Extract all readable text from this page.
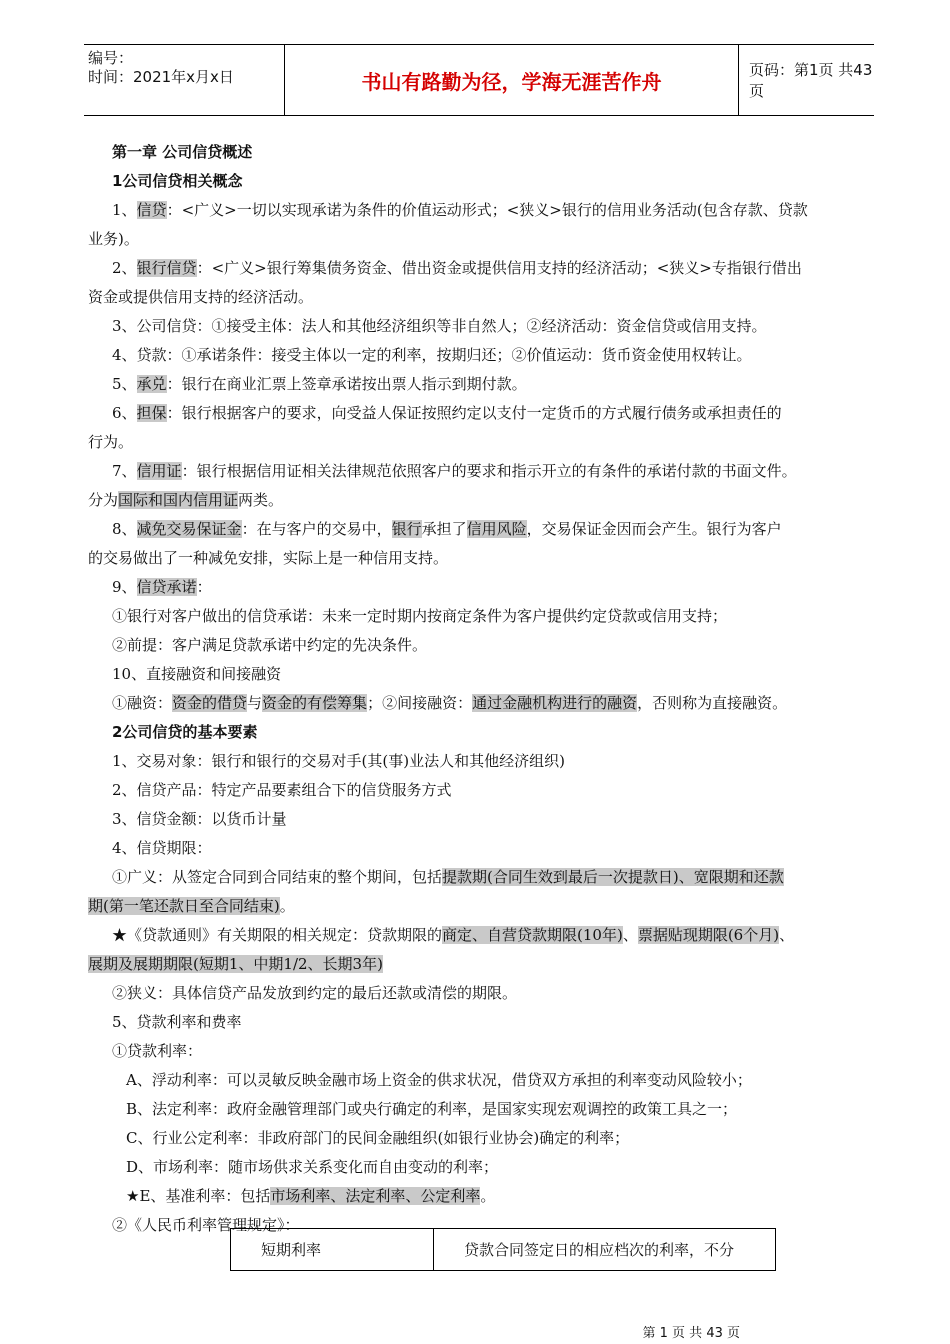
编号：
时间：2021年x月x日	书山有路勤为径，学海无涯苦作舟	页码：第1页 共43页
第一章 公司信贷概述
1公司信贷相关概念
1、信贷：<广义>一切以实现承诺为条件的价值运动形式；<狭义>银行的信用业务活动(包含存款、贷款
业务)。
2、银行信贷：<广义>银行筹集债务资金、借出资金或提供信用支持的经济活动；<狭义>专指银行借出
资金或提供信用支持的经济活动。
3、公司信贷：①接受主体：法人和其他经济组织等非自然人；②经济活动：资金信贷或信用支持。
4、贷款：①承诺条件：接受主体以一定的利率，按期归还；②价值运动：货币资金使用权转让。
5、承兑：银行在商业汇票上签章承诺按出票人指示到期付款。
6、担保：银行根据客户的要求，向受益人保证按照约定以支付一定货币的方式履行债务或承担责任的
行为。
7、信用证：银行根据信用证相关法律规范依照客户的要求和指示开立的有条件的承诺付款的书面文件。
分为国际和国内信用证两类。
8、减免交易保证金：在与客户的交易中，银行承担了信用风险，交易保证金因而会产生。银行为客户
的交易做出了一种减免安排，实际上是一种信用支持。
9、信贷承诺：
①银行对客户做出的信贷承诺：未来一定时期内按商定条件为客户提供约定贷款或信用支持；
②前提：客户满足贷款承诺中约定的先决条件。
10、直接融资和间接融资
①融资：资金的借贷与资金的有偿筹集；②间接融资：通过金融机构进行的融资，否则称为直接融资。
2公司信贷的基本要素
1、交易对象：银行和银行的交易对手(其(事)业法人和其他经济组织)
2、信贷产品：特定产品要素组合下的信贷服务方式
3、信贷金额：以货币计量
4、信贷期限：
①广义：从签定合同到合同结束的整个期间，包括提款期(合同生效到最后一次提款日)、宽限期和还款
期(第一笔还款日至合同结束)。
★《贷款通则》有关期限的相关规定：贷款期限的商定、自营贷款期限(10年)、票据贴现期限(6个月)、
展期及展期期限(短期1、中期1/2、长期3年)
②狭义：具体信贷产品发放到约定的最后还款或清偿的期限。
5、贷款利率和费率
①贷款利率：
A、浮动利率：可以灵敏反映金融市场上资金的供求状况，借贷双方承担的利率变动风险较小；
B、法定利率：政府金融管理部门或央行确定的利率，是国家实现宏观调控的政策工具之一；
C、行业公定利率：非政府部门的民间金融组织(如银行业协会)确定的利率；
D、市场利率：随市场供求关系变化而自由变动的利率；
★E、基准利率：包括市场利率、法定利率、公定利率。
②《人民币利率管理规定》：
短期利率	贷款合同签定日的相应档次的利率，不分
第 1 页 共 43 页
